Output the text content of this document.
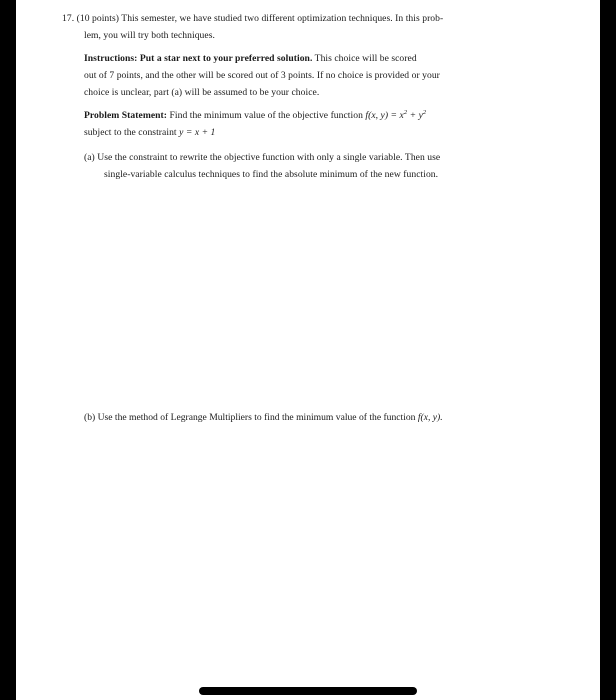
17. (10 points) This semester, we have studied two different optimization techniques. In this prob-

lem, you will try both techniques.

Instructions: Put a star next to your preferred solution. This choice will be scored
out of 7 points, and the other will be scored out of 3 points. If no choice is provided or your
choice is unclear, part (a) will be assumed to be your choice.

Problem Statement: Find the minimum value of the objective function f(x, $y) = x^2 + y^2$
subject to the constraint y = x + 1

(a) Use the constraint to rewrite the objective function with only a single variable. Then use
single-variable calculus techniques to find the absolute minimum of the new function.
(b) Use the method of Legrange Multipliers to find the minimum value of the function f(x, y).
